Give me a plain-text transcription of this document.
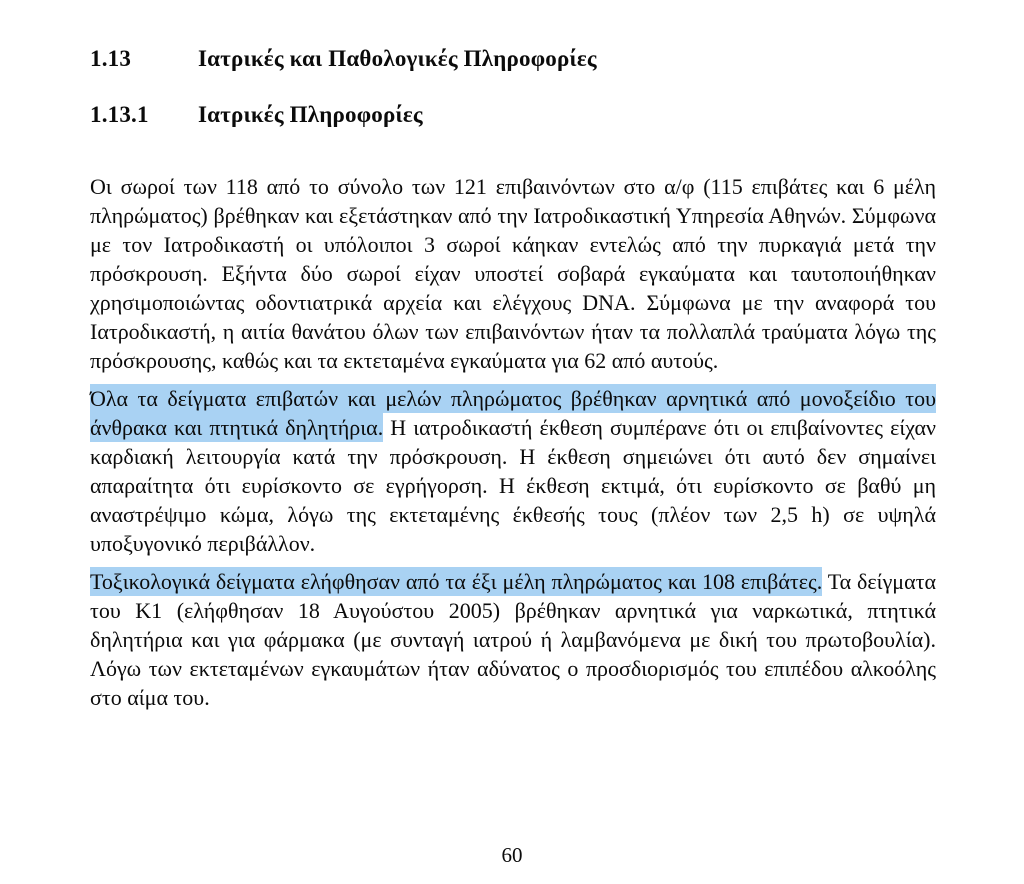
1.13	Ιατρικές και Παθολογικές Πληροφορίες
1.13.1 Ιατρικές Πληροφορίες

Οι σωροί των 118 από το σύνολο των 121 επιβαινόντων στο α/φ (115 επιβάτες και 6 μέλη πληρώματος) βρέθηκαν και εξετάστηκαν από την Ιατροδικαστική Υπηρεσία Αθηνών. Σύμφωνα με τον Ιατροδικαστή οι υπόλοιποι 3 σωροί κάηκαν εντελώς από την πυρκαγιά μετά την πρόσκρουση. Εξήντα δύο σωροί είχαν υποστεί σοβαρά εγκαύματα και ταυτοποιήθηκαν χρησιμοποιώντας οδοντιατρικά αρχεία και ελέγχους DNA. Σύμφωνα με την αναφορά του Ιατροδικαστή, η αιτία θανάτου όλων των επιβαινόντων ήταν τα πολλαπλά τραύματα λόγω της πρόσκρουσης, καθώς και τα εκτεταμένα εγκαύματα για 62 από αυτούς.

Όλα τα δείγματα επιβατών και μελών πληρώματος βρέθηκαν αρνητικά από μονοξείδιο του άνθρακα και πτητικά δηλητήρια. Η ιατροδικαστή έκθεση συμπέρανε ότι οι επιβαίνοντες είχαν καρδιακή λειτουργία κατά την πρόσκρουση. Η έκθεση σημειώνει ότι αυτό δεν σημαίνει απαραίτητα ότι ευρίσκοντο σε εγρήγορση. Η έκθεση εκτιμά, ότι ευρίσκοντο σε βαθύ μη αναστρέψιμο κώμα, λόγω της εκτεταμένης έκθεσής τους (πλέον των 2,5 h) σε υψηλά υποξυγονικό περιβάλλον.

Τοξικολογικά δείγματα ελήφθησαν από τα έξι μέλη πληρώματος και 108 επιβάτες. Τα δείγματα του Κ1 (ελήφθησαν 18 Αυγούστου 2005) βρέθηκαν αρνητικά για ναρκωτικά, πτητικά δηλητήρια και για φάρμακα (με συνταγή ιατρού ή λαμβανόμενα με δική του πρωτοβουλία). Λόγω των εκτεταμένων εγκαυμάτων ήταν αδύνατος ο προσδιορισμός του επιπέδου αλκοόλης στο αίμα του.

60
